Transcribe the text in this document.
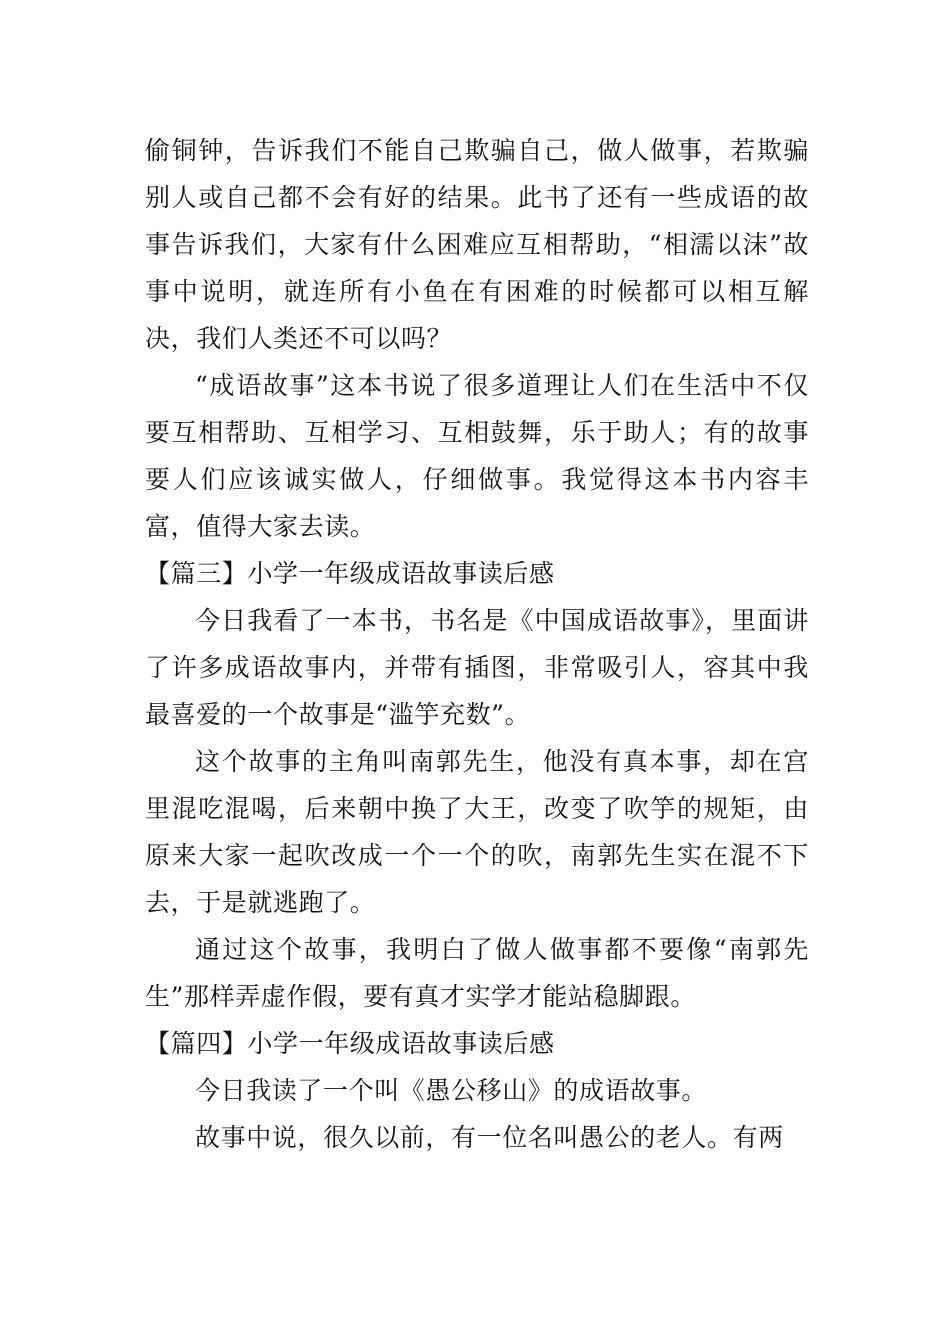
偷铜钟，告诉我们不能自己欺骗自己，做人做事，若欺骗别人或自己都不会有好的结果。此书了还有一些成语的故事告诉我们，大家有什么困难应互相帮助，“相濡以沫”故事中说明，就连所有小鱼在有困难的时候都可以相互解决，我们人类还不可以吗？

“成语故事”这本书说了很多道理让人们在生活中不仅要互相帮助、互相学习、互相鼓舞，乐于助人；有的故事要人们应该诚实做人，仔细做事。我觉得这本书内容丰富，值得大家去读。

【篇三】小学一年级成语故事读后感

今日我看了一本书，书名是《中国成语故事》，里面讲了许多成语故事内，并带有插图，非常吸引人，容其中我最喜爱的一个故事是“滥竽充数”。

这个故事的主角叫南郭先生，他没有真本事，却在宫里混吃混喝，后来朝中换了大王，改变了吹竽的规矩，由原来大家一起吹改成一个一个的吹，南郭先生实在混不下去，于是就逃跑了。

通过这个故事，我明白了做人做事都不要像“南郭先生”那样弄虚作假，要有真才实学才能站稳脚跟。

【篇四】小学一年级成语故事读后感

今日我读了一个叫《愚公移山》的成语故事。

故事中说，很久以前，有一位名叫愚公的老人。有两
